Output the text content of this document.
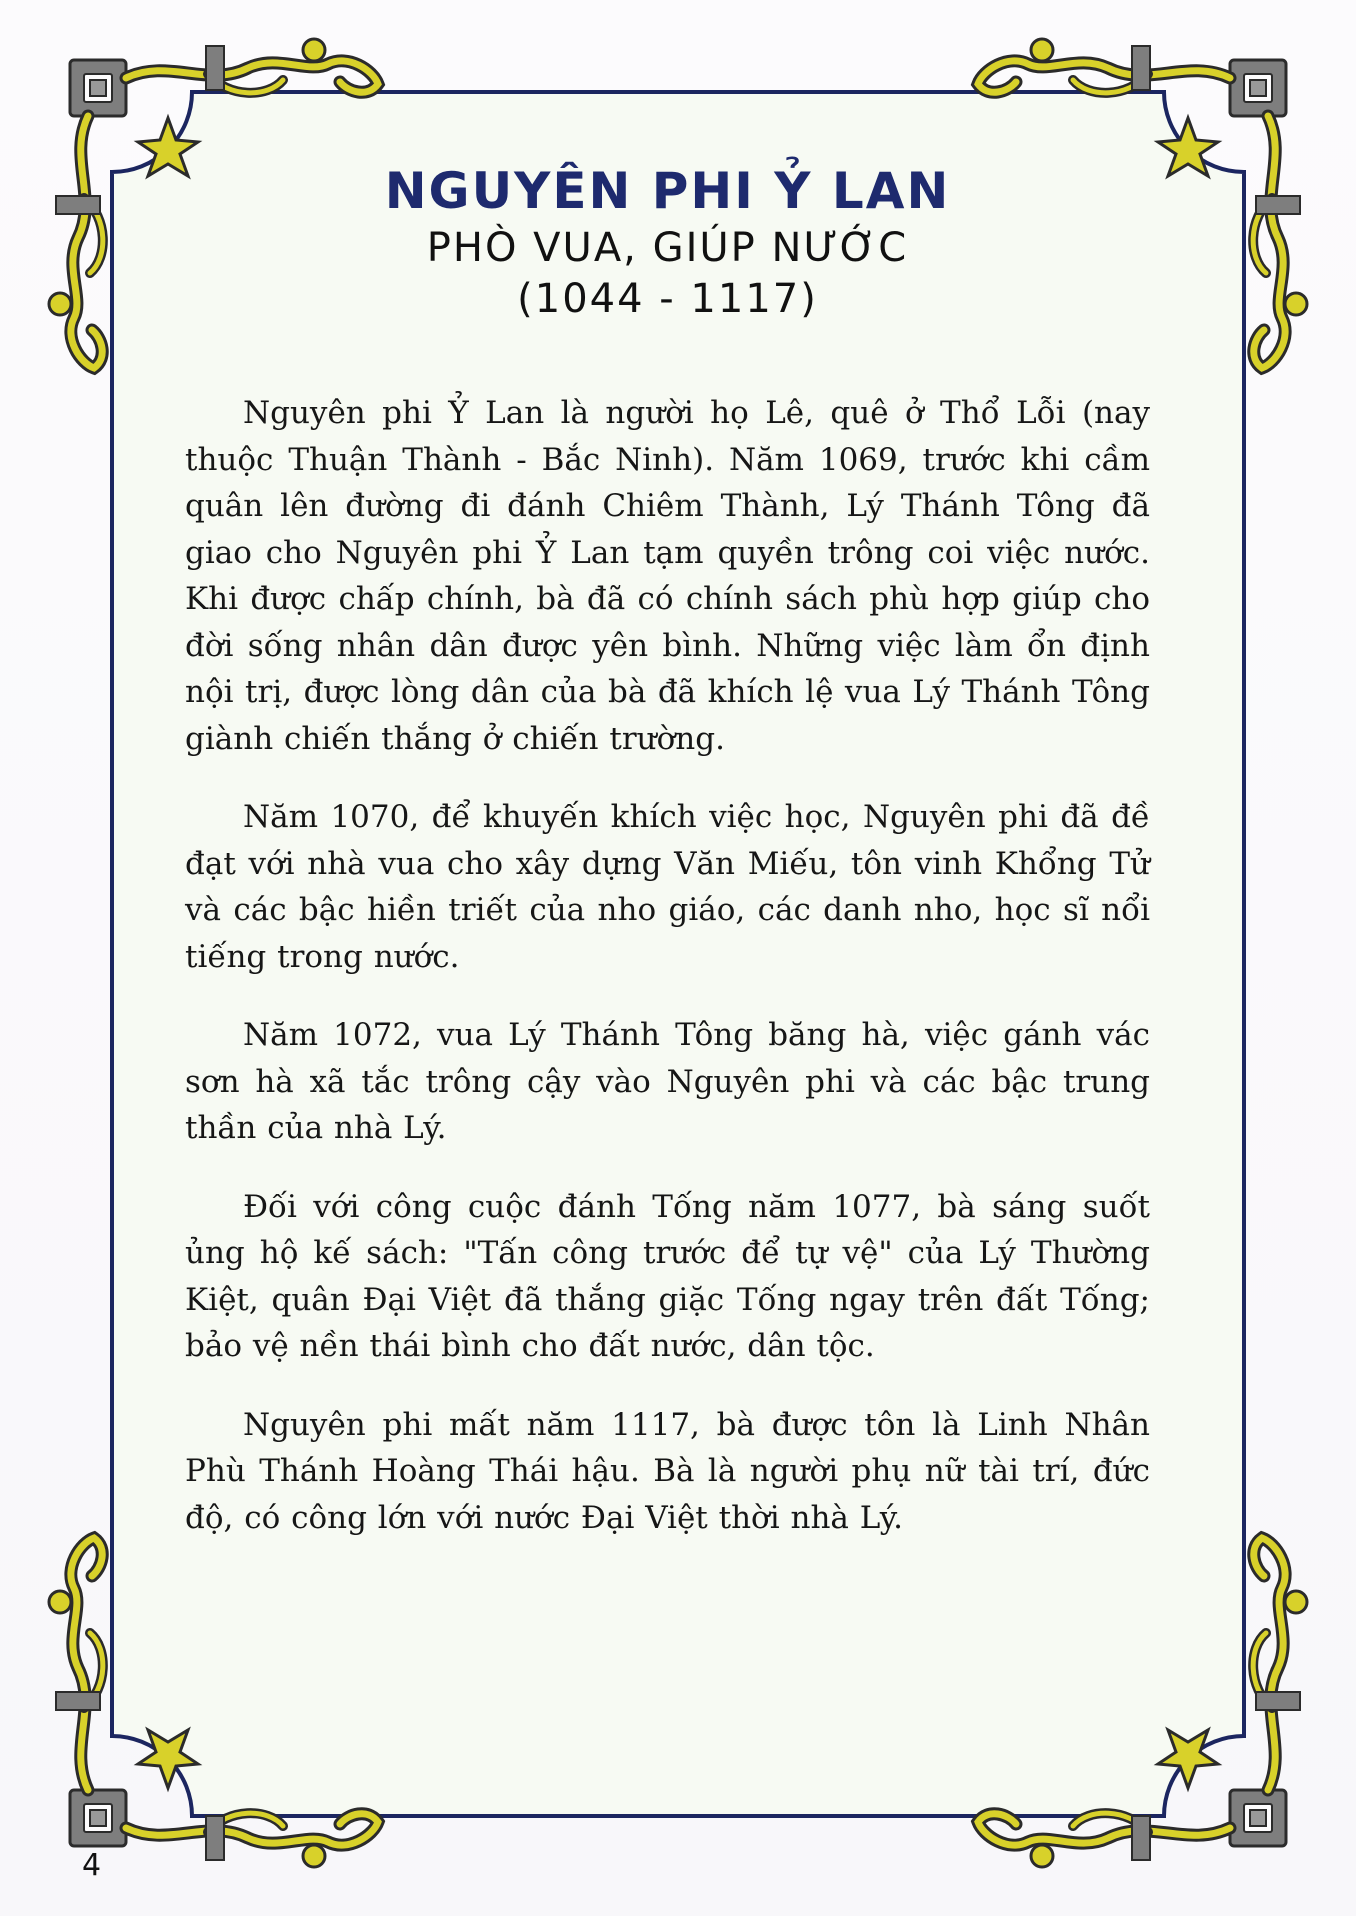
NGUYÊN PHI Ỷ LAN

PHÒ VUA, GIÚP NƯỚC

(1044 - 1117)

Nguyên phi Ỷ Lan là người họ Lê, quê ở Thổ Lỗi (nay thuộc Thuận Thành - Bắc Ninh). Năm 1069, trước khi cầm quân lên đường đi đánh Chiêm Thành, Lý Thánh Tông đã giao cho Nguyên phi Ỷ Lan tạm quyền trông coi việc nước. Khi được chấp chính, bà đã có chính sách phù hợp giúp cho đời sống nhân dân được yên bình. Những việc làm ổn định nội trị, được lòng dân của bà đã khích lệ vua Lý Thánh Tông giành chiến thắng ở chiến trường.

Năm 1070, để khuyến khích việc học, Nguyên phi đã đề đạt với nhà vua cho xây dựng Văn Miếu, tôn vinh Khổng Tử và các bậc hiền triết của nho giáo, các danh nho, học sĩ nổi tiếng trong nước.

Năm 1072, vua Lý Thánh Tông băng hà, việc gánh vác sơn hà xã tắc trông cậy vào Nguyên phi và các bậc trung thần của nhà Lý.

Đối với công cuộc đánh Tống năm 1077, bà sáng suốt ủng hộ kế sách: "Tấn công trước để tự vệ" của Lý Thường Kiệt, quân Đại Việt đã thắng giặc Tống ngay trên đất Tống; bảo vệ nền thái bình cho đất nước, dân tộc.

Nguyên phi mất năm 1117, bà được tôn là Linh Nhân Phù Thánh Hoàng Thái hậu. Bà là người phụ nữ tài trí, đức độ, có công lớn với nước Đại Việt thời nhà Lý.

4
